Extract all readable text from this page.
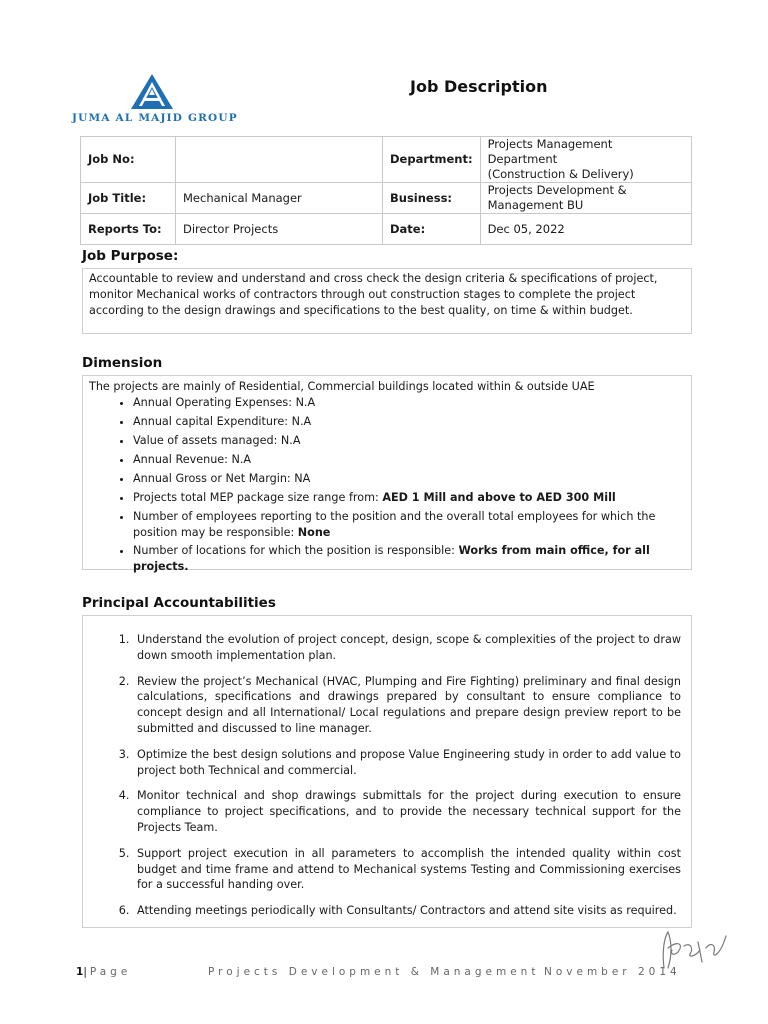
JUMA AL MAJID GROUP
Job Description
Job No:		Department:	Projects Management Department
(Construction & Delivery)
Job Title:	Mechanical Manager	Business:	Projects Development &
Management BU
Reports To:	Director Projects	Date:	Dec 05, 2022
Job Purpose:
Accountable to review and understand and cross check the design criteria & specifications of project, monitor Mechanical works of contractors through out construction stages to complete the project according to the design drawings and specifications to the best quality, on time & within budget.
Dimension
The projects are mainly of Residential, Commercial buildings located within & outside UAE
• Annual Operating Expenses: N.A
• Annual capital Expenditure: N.A
• Value of assets managed: N.A
• Annual Revenue: N.A
• Annual Gross or Net Margin: NA
• Projects total MEP package size range from: AED 1 Mill and above to AED 300 Mill
• Number of employees reporting to the position and the overall total employees for which the position may be responsible: None
• Number of locations for which the position is responsible: Works from main office, for all projects.
Principal Accountabilities
1. Understand the evolution of project concept, design, scope & complexities of the project to draw down smooth implementation plan.
2. Review the project’s Mechanical (HVAC, Plumping and Fire Fighting) preliminary and final design calculations, specifications and drawings prepared by consultant to ensure compliance to concept design and all International/ Local regulations and prepare design preview report to be submitted and discussed to line manager.
3. Optimize the best design solutions and propose Value Engineering study in order to add value to project both Technical and commercial.
4. Monitor technical and shop drawings submittals for the project during execution to ensure compliance to project specifications, and to provide the necessary technical support for the Projects Team.
5. Support project execution in all parameters to accomplish the intended quality within cost budget and time frame and attend to Mechanical systems Testing and Commissioning exercises for a successful handing over.
6. Attending meetings periodically with Consultants/ Contractors and attend site visits as required.
1| Page	Projects Development & Management November 2014
